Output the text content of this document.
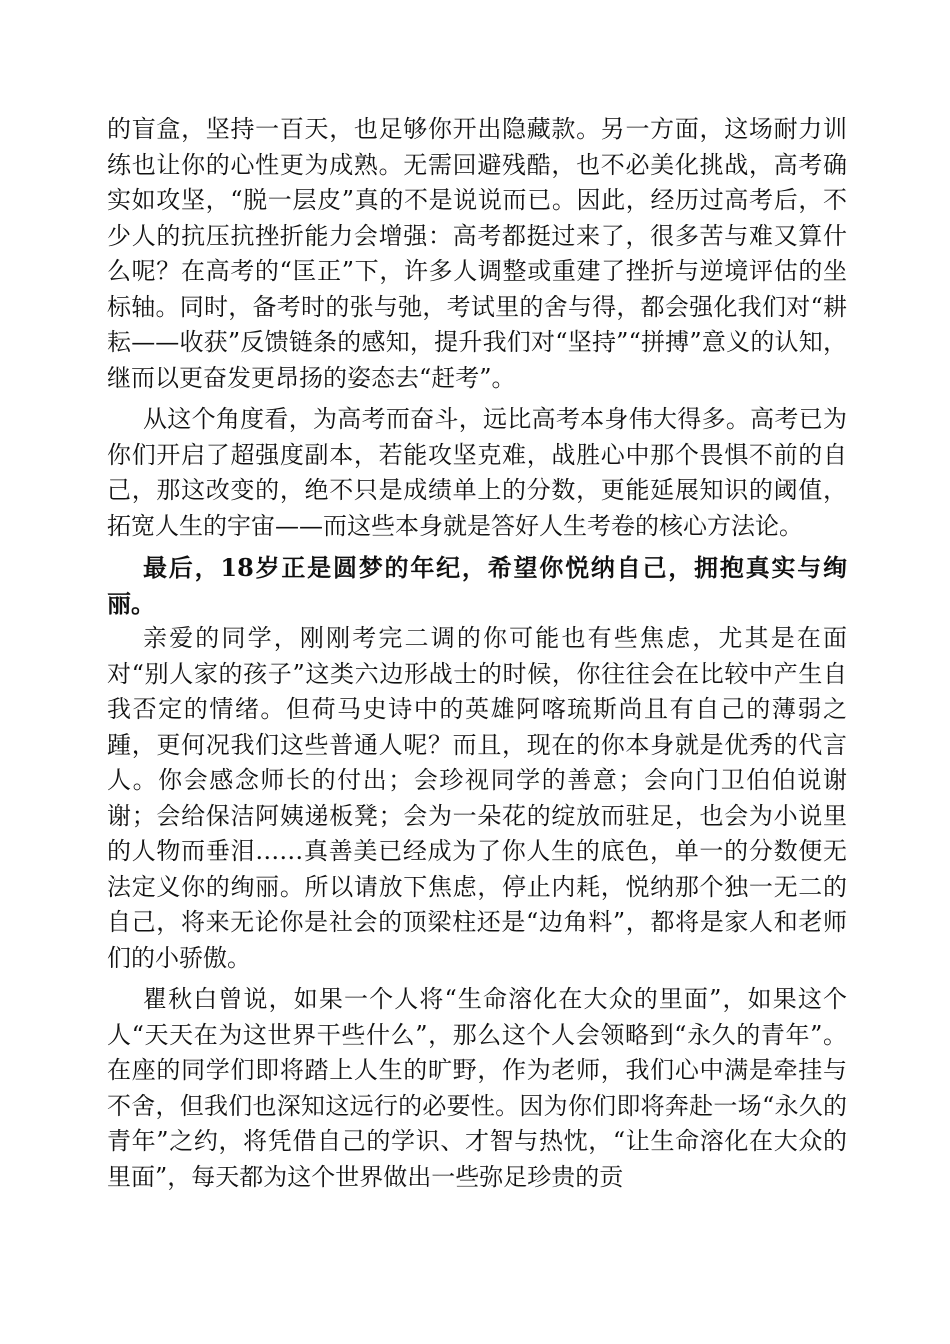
的盲盒，坚持一百天，也足够你开出隐藏款。另一方面，这场耐力训练也让你的心性更为成熟。无需回避残酷，也不必美化挑战，高考确实如攻坚，“脱一层皮”真的不是说说而已。因此，经历过高考后，不少人的抗压抗挫折能力会增强：高考都挺过来了，很多苦与难又算什么呢？在高考的“匡正”下，许多人调整或重建了挫折与逆境评估的坐标轴。同时，备考时的张与弛，考试里的舍与得，都会强化我们对“耕耘——收获”反馈链条的感知，提升我们对“坚持”“拼搏”意义的认知，继而以更奋发更昂扬的姿态去“赶考”。

从这个角度看，为高考而奋斗，远比高考本身伟大得多。高考已为你们开启了超强度副本，若能攻坚克难，战胜心中那个畏惧不前的自己，那这改变的，绝不只是成绩单上的分数，更能延展知识的阈值，拓宽人生的宇宙——而这些本身就是答好人生考卷的核心方法论。

最后，18岁正是圆梦的年纪，希望你悦纳自己，拥抱真实与绚丽。

亲爱的同学，刚刚考完二调的你可能也有些焦虑，尤其是在面对“别人家的孩子”这类六边形战士的时候，你往往会在比较中产生自我否定的情绪。但荷马史诗中的英雄阿喀琉斯尚且有自己的薄弱之踵，更何况我们这些普通人呢？而且，现在的你本身就是优秀的代言人。你会感念师长的付出；会珍视同学的善意；会向门卫伯伯说谢谢；会给保洁阿姨递板凳；会为一朵花的绽放而驻足，也会为小说里的人物而垂泪……真善美已经成为了你人生的底色，单一的分数便无法定义你的绚丽。所以请放下焦虑，停止内耗，悦纳那个独一无二的自己，将来无论你是社会的顶梁柱还是“边角料”，都将是家人和老师们的小骄傲。

瞿秋白曾说，如果一个人将“生命溶化在大众的里面”，如果这个人“天天在为这世界干些什么”，那么这个人会领略到“永久的青年”。在座的同学们即将踏上人生的旷野，作为老师，我们心中满是牵挂与不舍，但我们也深知这远行的必要性。因为你们即将奔赴一场“永久的青年”之约，将凭借自己的学识、才智与热忱，“让生命溶化在大众的里面”，每天都为这个世界做出一些弥足珍贵的贡
